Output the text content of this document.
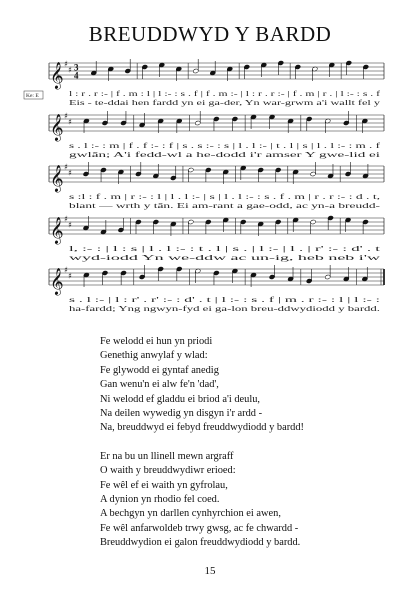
BREUDDWYD Y BARDD
𝄞 ♯
♯ 3
4
Ke: E	l : r . r :- | f . m : l | l :- : s . f | f . m :- | l : r . r :- | f . m | r . | l :- : s . f
Eis - te-ddai hen fardd yn ei ga-der, Yn war-grwm a'i wallt fel y
𝄞 ♯
♯
s . l :- : m | f . f :- : f | s . s :- : s | l . l :- | t . l | s | l . l :- : m . f
gwlân; A'i fedd-wl a he-dodd i'r amser Y gwe-lid ei
𝄞 ♯
♯
s :l : f . m | r :- : l | l . l :- | s | l . l :- : s . f . m | r . r :- : d . t,
blant — wrth y tân. Ei am-rant a gae-odd, ac yn-a breudd-
𝄞 ♯
♯
l, :- : | l : s | l . l :- : t . l | s . | l :- | l . | r' :- : d' . t
wyd-iodd Yn we-ddw ac un-ig, heb neb i'w
𝄞 ♯
♯
s . l :- | l : r' . r' :- : d' . t | l :- : s . f | m . r :- : l | l :- :
ha-fardd; Yng ngwyn-fyd ei ga-lon breu-ddwydiodd y bardd.
Fe welodd ei hun yn priodi
Genethig anwylaf y wlad:
Fe glywodd ei gyntaf anedig
Gan wenu'n ei alw fe'n 'dad',
Ni welodd ef gladdu ei briod a'i deulu,
Na deilen wywedig yn disgyn i'r ardd -
Na, breuddwyd ei febyd freuddwydiodd y bardd!
Er na bu un llinell mewn argraff
O waith y breuddwydiwr erioed:
Fe wêl ef ei waith yn gyfrolau,
A dynion yn rhodio fel coed.
A bechgyn yn darllen cynhyrchion ei awen,
Fe wêl anfarwoldeb trwy gwsg, ac fe chwardd -
Breuddwydion ei galon freuddwydiodd y bardd.
15
